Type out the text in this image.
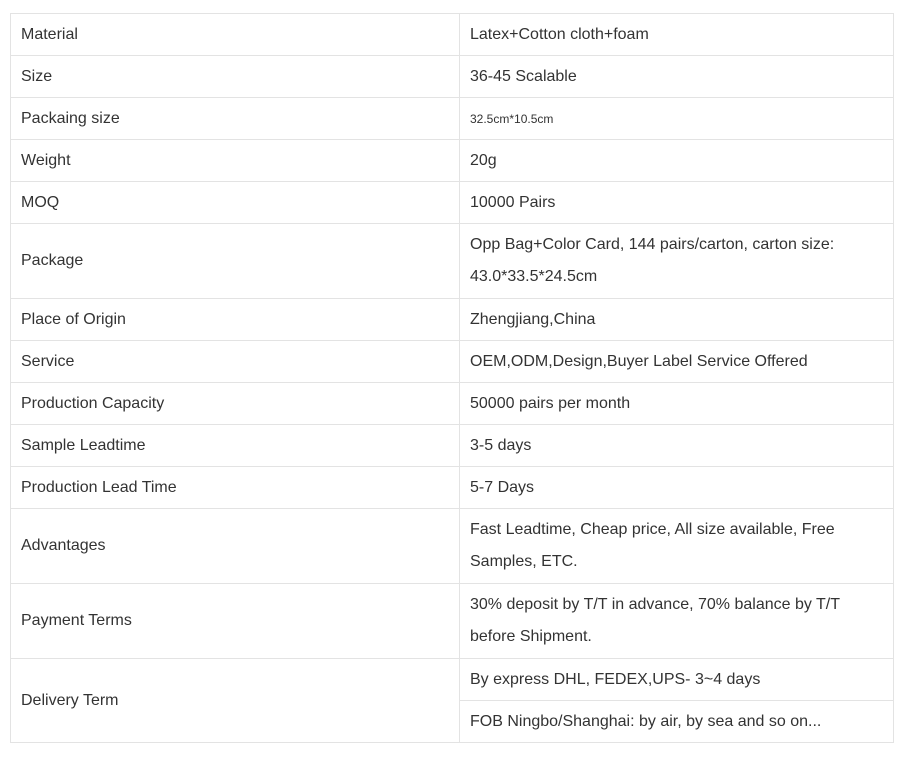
Material	Latex+Cotton cloth+foam
Size	36-45 Scalable
Packaing size	32.5cm*10.5cm
Weight	20g
MOQ	10000 Pairs
Package	Opp Bag+Color Card, 144 pairs/carton, carton size: 43.0*33.5*24.5cm
Place of Origin	Zhengjiang,China
Service	OEM,ODM,Design,Buyer Label Service Offered
Production Capacity	50000 pairs per month
Sample Leadtime	3-5 days
Production Lead Time	5-7 Days
Advantages	Fast Leadtime, Cheap price, All size available, Free Samples, ETC.
Payment Terms	30% deposit by T/T in advance, 70% balance by T/T before Shipment.
Delivery Term	By express DHL, FEDEX,UPS- 3~4 days
	FOB Ningbo/Shanghai: by air, by sea and so on...
